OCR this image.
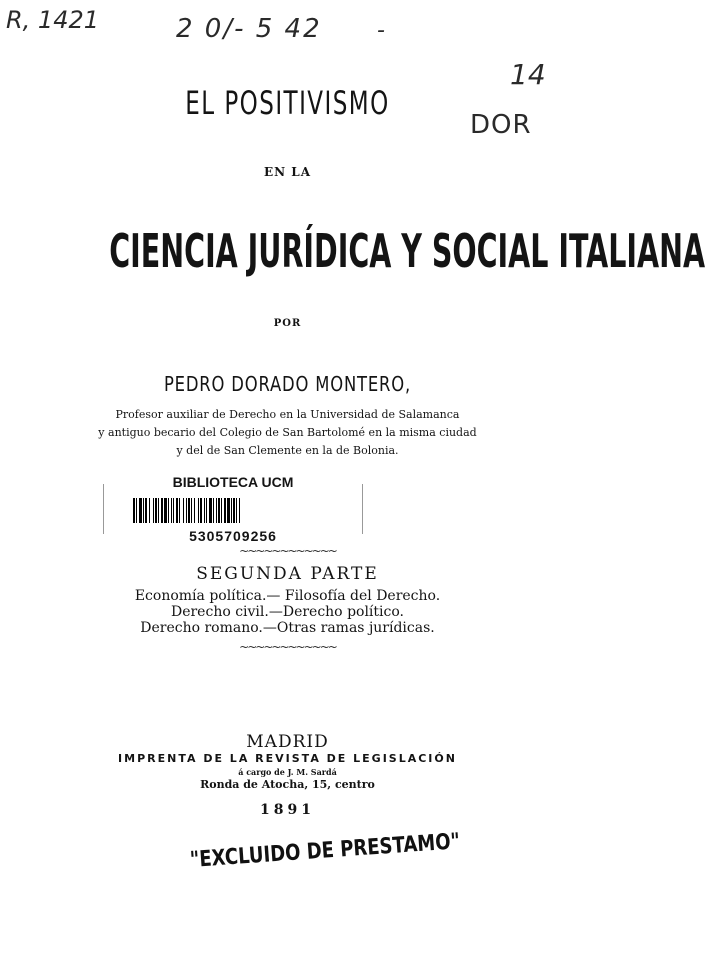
R, 1421	2 0/- 5 42	-
14
DOR
EL POSITIVISMO
EN LA
CIENCIA JURÍDICA Y SOCIAL ITALIANA
POR
PEDRO DORADO MONTERO,
Profesor auxiliar de Derecho en la Universidad de Salamanca
y antiguo becario del Colegio de San Bartolomé en la misma ciudad
y del de San Clemente en la de Bolonia.
BIBLIOTECA UCM
5305709256
~~~~~~~~~~~~
SEGUNDA PARTE
Economía política.— Filosofía del Derecho.
Derecho civil.—Derecho político.
Derecho romano.—Otras ramas jurídicas.
~~~~~~~~~~~~
MADRID
IMPRENTA DE LA REVISTA DE LEGISLACIÓN
á cargo de J. M. Sardá
Ronda de Atocha, 15, centro
1891
"EXCLUIDO DE PRESTAMO"
